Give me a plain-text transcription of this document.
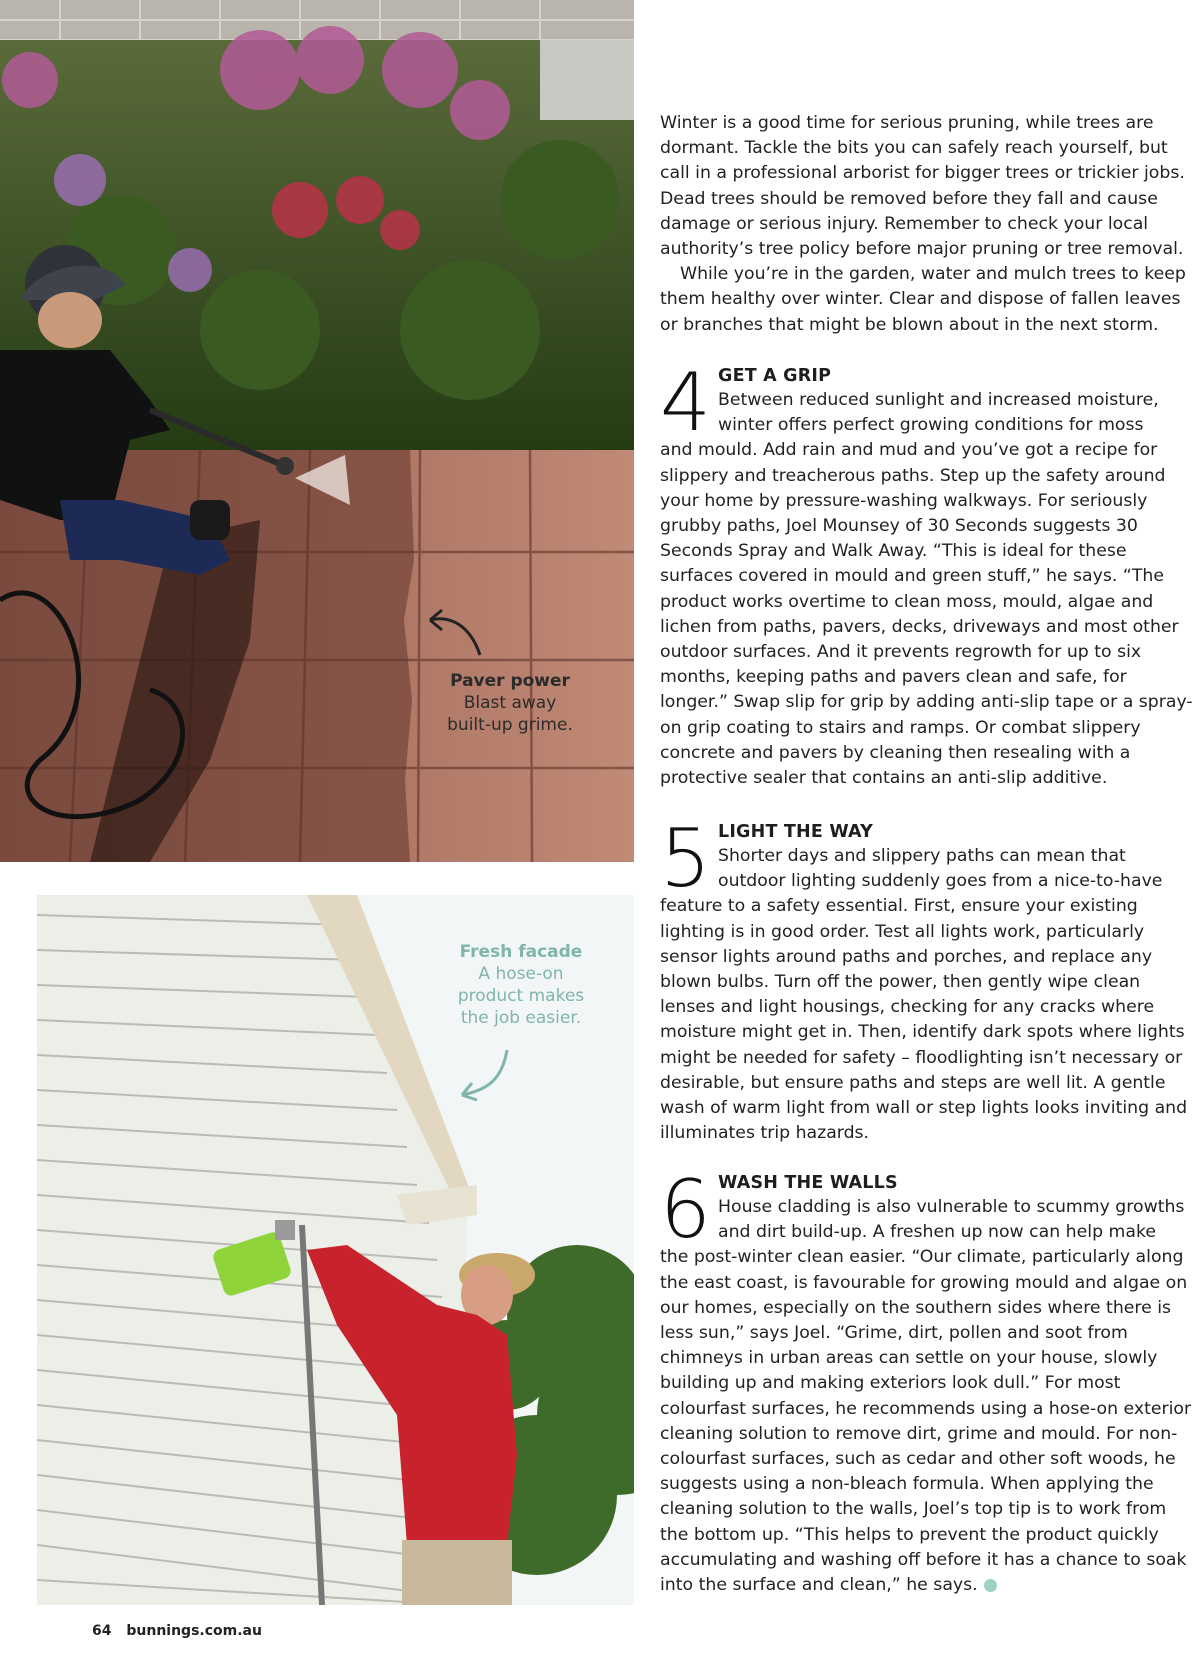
Paver power
Blast away built-up grime.
Fresh facade
A hose-on product makes the job easier.

Winter is a good time for serious pruning, while trees are dormant. Tackle the bits you can safely reach yourself, but call in a professional arborist for bigger trees or trickier jobs. Dead trees should be removed before they fall and cause damage or serious injury. Remember to check your local authority’s tree policy before major pruning or tree removal.

While you’re in the garden, water and mulch trees to keep them healthy over winter. Clear and dispose of fallen leaves or branches that might be blown about in the next storm.

4 GET A GRIP
Between reduced sunlight and increased moisture, winter offers perfect growing conditions for moss
and mould. Add rain and mud and you’ve got a recipe for slippery and treacherous paths. Step up the safety around your home by pressure-washing walkways. For seriously grubby paths, Joel Mounsey of 30 Seconds suggests 30 Seconds Spray and Walk Away. “This is ideal for these surfaces covered in mould and green stuff,” he says. “The product works overtime to clean moss, mould, algae and lichen from paths, pavers, decks, driveways and most other outdoor surfaces. And it prevents regrowth for up to six months, keeping paths and pavers clean and safe, for longer.” Swap slip for grip by adding anti-slip tape or a spray-on grip coating to stairs and ramps. Or combat slippery concrete and pavers by cleaning then resealing with a protective sealer that contains an anti-slip additive.
5 LIGHT THE WAY
Shorter days and slippery paths can mean that outdoor lighting suddenly goes from a nice-to-have
feature to a safety essential. First, ensure your existing lighting is in good order. Test all lights work, particularly sensor lights around paths and porches, and replace any blown bulbs. Turn off the power, then gently wipe clean lenses and light housings, checking for any cracks where moisture might get in. Then, identify dark spots where lights might be needed for safety – floodlighting isn’t necessary or desirable, but ensure paths and steps are well lit. A gentle wash of warm light from wall or step lights looks inviting and illuminates trip hazards.
6 WASH THE WALLS
House cladding is also vulnerable to scummy growths and dirt build-up. A freshen up now can help make
the post-winter clean easier. “Our climate, particularly along the east coast, is favourable for growing mould and algae on our homes, especially on the southern sides where there is less sun,” says Joel. “Grime, dirt, pollen and soot from chimneys in urban areas can settle on your house, slowly building up and making exteriors look dull.” For most colourfast surfaces, he recommends using a hose-on exterior cleaning solution to remove dirt, grime and mould. For non-colourfast surfaces, such as cedar and other soft woods, he suggests using a non-bleach formula. When applying the cleaning solution to the walls, Joel’s top tip is to work from the bottom up. “This helps to prevent the product quickly accumulating and washing off before it has a chance to soak into the surface and clean,” he says.
64 bunnings.com.au
